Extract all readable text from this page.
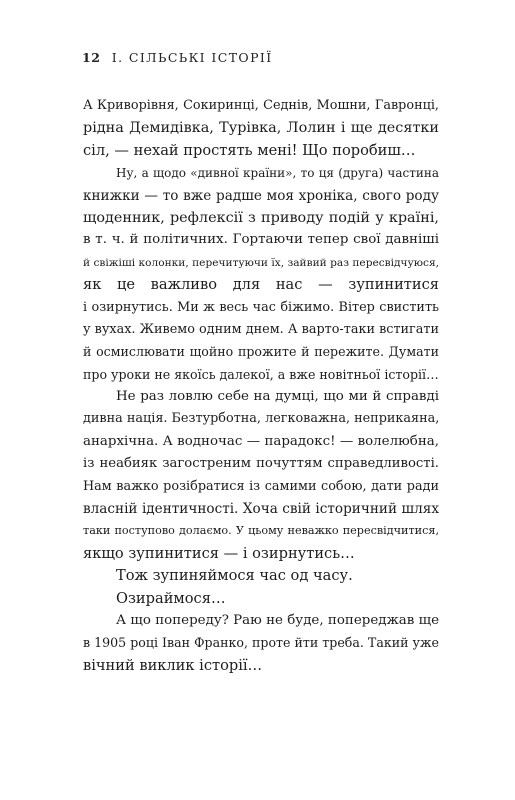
12 І. СІЛЬСЬКІ ІСТОРІЇ
А Криворівня, Сокиринці, Седнів, Мошни, Гавронці,
рідна Демидівка, Турівка, Лолин і ще десятки
сіл, — нехай простять мені! Що поробиш…
Ну, а щодо «дивної країни», то ця (друга) частина
книжки — то вже радше моя хроніка, свого роду
щоденник, рефлексії з приводу подій у країні,
в т. ч. й політичних. Гортаючи тепер свої давніші
й свіжіші колонки, перечитуючи їх, зайвий раз пересвідчуюся,
як це важливо для нас — зупинитися
і озирнутись. Ми ж весь час біжимо. Вітер свистить
у вухах. Живемо одним днем. А варто-таки встигати
й осмислювати щойно прожите й пережите. Думати
про уроки не якоїсь далекої, а вже новітньої історії…
Не раз ловлю себе на думці, що ми й справді
дивна нація. Безтурботна, легковажна, неприкаяна,
анархічна. А водночас — парадокс! — волелюбна,
із неабияк загостреним почуттям справедливості.
Нам важко розібратися із самими собою, дати ради
власній ідентичності. Хоча свій історичний шлях
таки поступово долаємо. У цьому неважко пересвідчитися,
якщо зупинитися — і озирнутись…
Тож зупиняймося час од часу.
Озираймося…
А що попереду? Раю не буде, попереджав ще
в 1905 році Іван Франко, проте йти треба. Такий уже
вічний виклик історії…
